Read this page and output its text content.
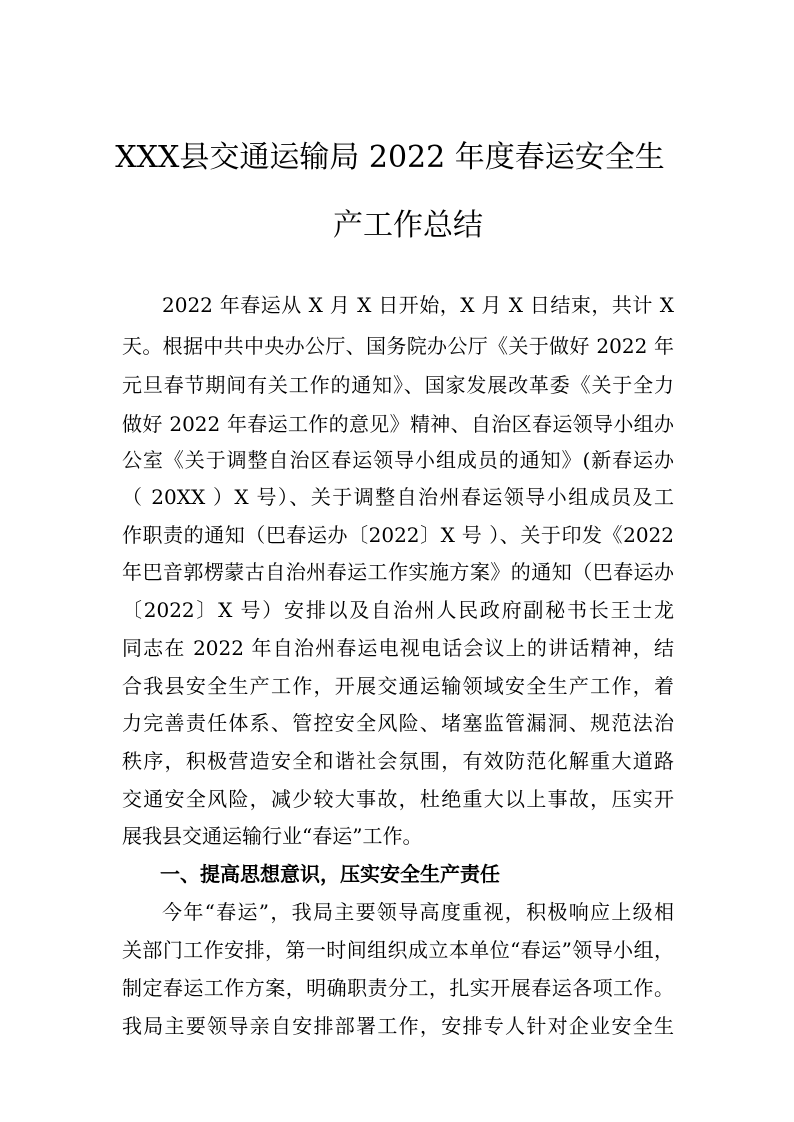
XXX县交通运输局 2022 年度春运安全生
产工作总结
2022 年春运从 X 月 X 日开始，X 月 X 日结束，共计 X
天。根据中共中央办公厅、国务院办公厅《关于做好 2022 年
元旦春节期间有关工作的通知》、国家发展改革委《关于全力
做好 2022 年春运工作的意见》精神、自治区春运领导小组办
公室《关于调整自治区春运领导小组成员的通知》(新春运办
（ 20XX ）X 号）、关于调整自治州春运领导小组成员及工
作职责的通知（巴春运办〔2022〕X 号 ）、关于印发《2022
年巴音郭楞蒙古自治州春运工作实施方案》的通知（巴春运办
〔2022〕X 号）安排以及自治州人民政府副秘书长王士龙
同志在 2022 年自治州春运电视电话会议上的讲话精神，结
合我县安全生产工作，开展交通运输领域安全生产工作，着
力完善责任体系、管控安全风险、堵塞监管漏洞、规范法治
秩序，积极营造安全和谐社会氛围，有效防范化解重大道路
交通安全风险，减少较大事故，杜绝重大以上事故，压实开
展我县交通运输行业“春运”工作。
一、提高思想意识，压实安全生产责任
今年“春运”，我局主要领导高度重视，积极响应上级相
关部门工作安排，第一时间组织成立本单位“春运”领导小组，
制定春运工作方案，明确职责分工，扎实开展春运各项工作。
我局主要领导亲自安排部署工作，安排专人针对企业安全生
